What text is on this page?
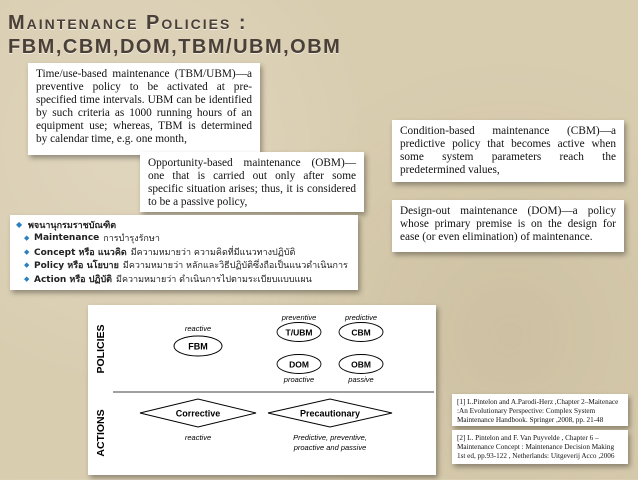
Maintenance Policies :
FBM,CBM,DOM,TBM/UBM,OBM
Time/use-based maintenance (TBM/UBM)—a preventive policy to be activated at pre-specified time intervals. UBM can be identified by such criteria as 1000 running hours of an equipment use; whereas, TBM is determined by calendar time, e.g. one month,
Opportunity-based maintenance (OBM)—one that is carried out only after some specific situation arises; thus, it is considered to be a passive policy,
Condition-based maintenance (CBM)—a predictive policy that becomes active when some system parameters reach the predetermined values,
Design-out maintenance (DOM)—a policy whose primary premise is on the design for ease (or even elimination) of maintenance.
◆ พจนานุกรมราชบัณฑิต
◆ Maintenance การบำรุงรักษา
◆ Concept หรือ แนวคิด มีความหมายว่า ความคิดที่มีแนวทางปฏิบัติ
◆ Policy หรือ นโยบาย มีความหมายว่า หลักและวิธีปฏิบัติซึ่งถือเป็นแนวดำเนินการ
◆ Action หรือ ปฏิบัติ มีความหมายว่า ดำเนินการไปตามระเบียบแบบแผน
POLICIES
ACTIONS
reactive
preventive	predictive
FBM
T/UBM	CBM
DOM	OBM
proactive	passive
Corrective	Precautionary
reactive	Predictive, preventive,
proactive and passive
[1] L.Pintelon and A.Parodi-Herz ,Chapter 2–Maitenace :An Evolutionary Perspective: Complex System Maintenance Handbook. Springer ,2008, pp. 21-48
[2] L. Pintelon and F. Van Puyvelde , Chapter 6 – Maintenance Concept : Maintenance Decision Making 1st ed, pp.93-122 , Netherlands: Uitgeverij Acco ,2006
